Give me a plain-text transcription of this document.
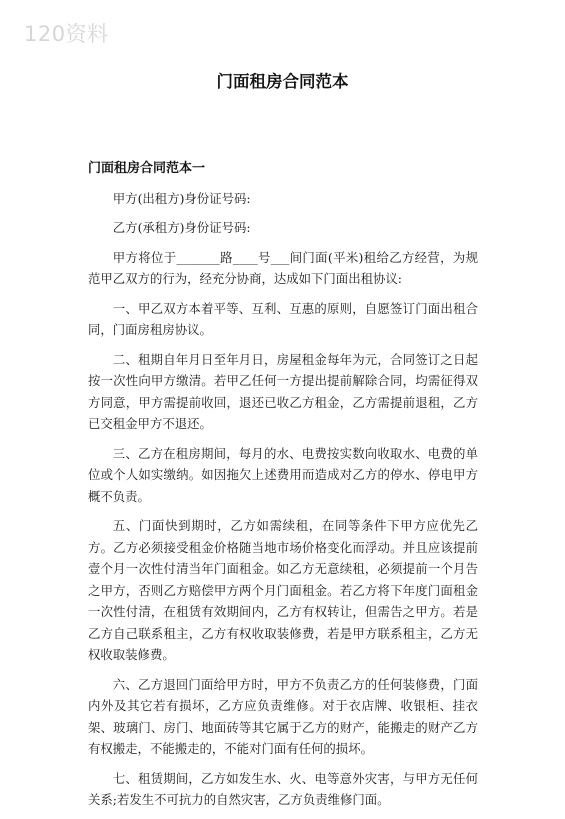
120资料
门面租房合同范本
门面租房合同范本一

甲方(出租方)身份证号码:

乙方(承租方)身份证号码:

甲方将位于_______路____号___间门面(平米)租给乙方经营，为规范甲乙双方的行为，经充分协商，达成如下门面出租协议:

一、甲乙双方本着平等、互利、互惠的原则，自愿签订门面出租合同，门面房租房协议。

二、租期自年月日至年月日，房屋租金每年为元，合同签订之日起按一次性向甲方缴清。若甲乙任何一方提出提前解除合同，均需征得双方同意，甲方需提前收回，退还已收乙方租金，乙方需提前退租，乙方已交租金甲方不退还。

三、乙方在租房期间，每月的水、电费按实数向收取水、电费的单位或个人如实缴纳。如因拖欠上述费用而造成对乙方的停水、停电甲方概不负责。

五、门面快到期时，乙方如需续租，在同等条件下甲方应优先乙方。乙方必须接受租金价格随当地市场价格变化而浮动。并且应该提前壹个月一次性付清当年门面租金。如乙方无意续租，必须提前一个月告之甲方，否则乙方赔偿甲方两个月门面租金。若乙方将下年度门面租金一次性付清，在租赁有效期间内，乙方有权转让，但需告之甲方。若是乙方自己联系租主，乙方有权收取装修费，若是甲方联系租主，乙方无权收取装修费。

六、乙方退回门面给甲方时，甲方不负责乙方的任何装修费，门面内外及其它若有损坏，乙方应负责维修。对于衣店牌、收银柜、挂衣架、玻璃门、房门、地面砖等其它属于乙方的财产，能搬走的财产乙方有权搬走，不能搬走的，不能对门面有任何的损坏。

七、租赁期间，乙方如发生水、火、电等意外灾害，与甲方无任何关系;若发生不可抗力的自然灾害，乙方负责维修门面。
